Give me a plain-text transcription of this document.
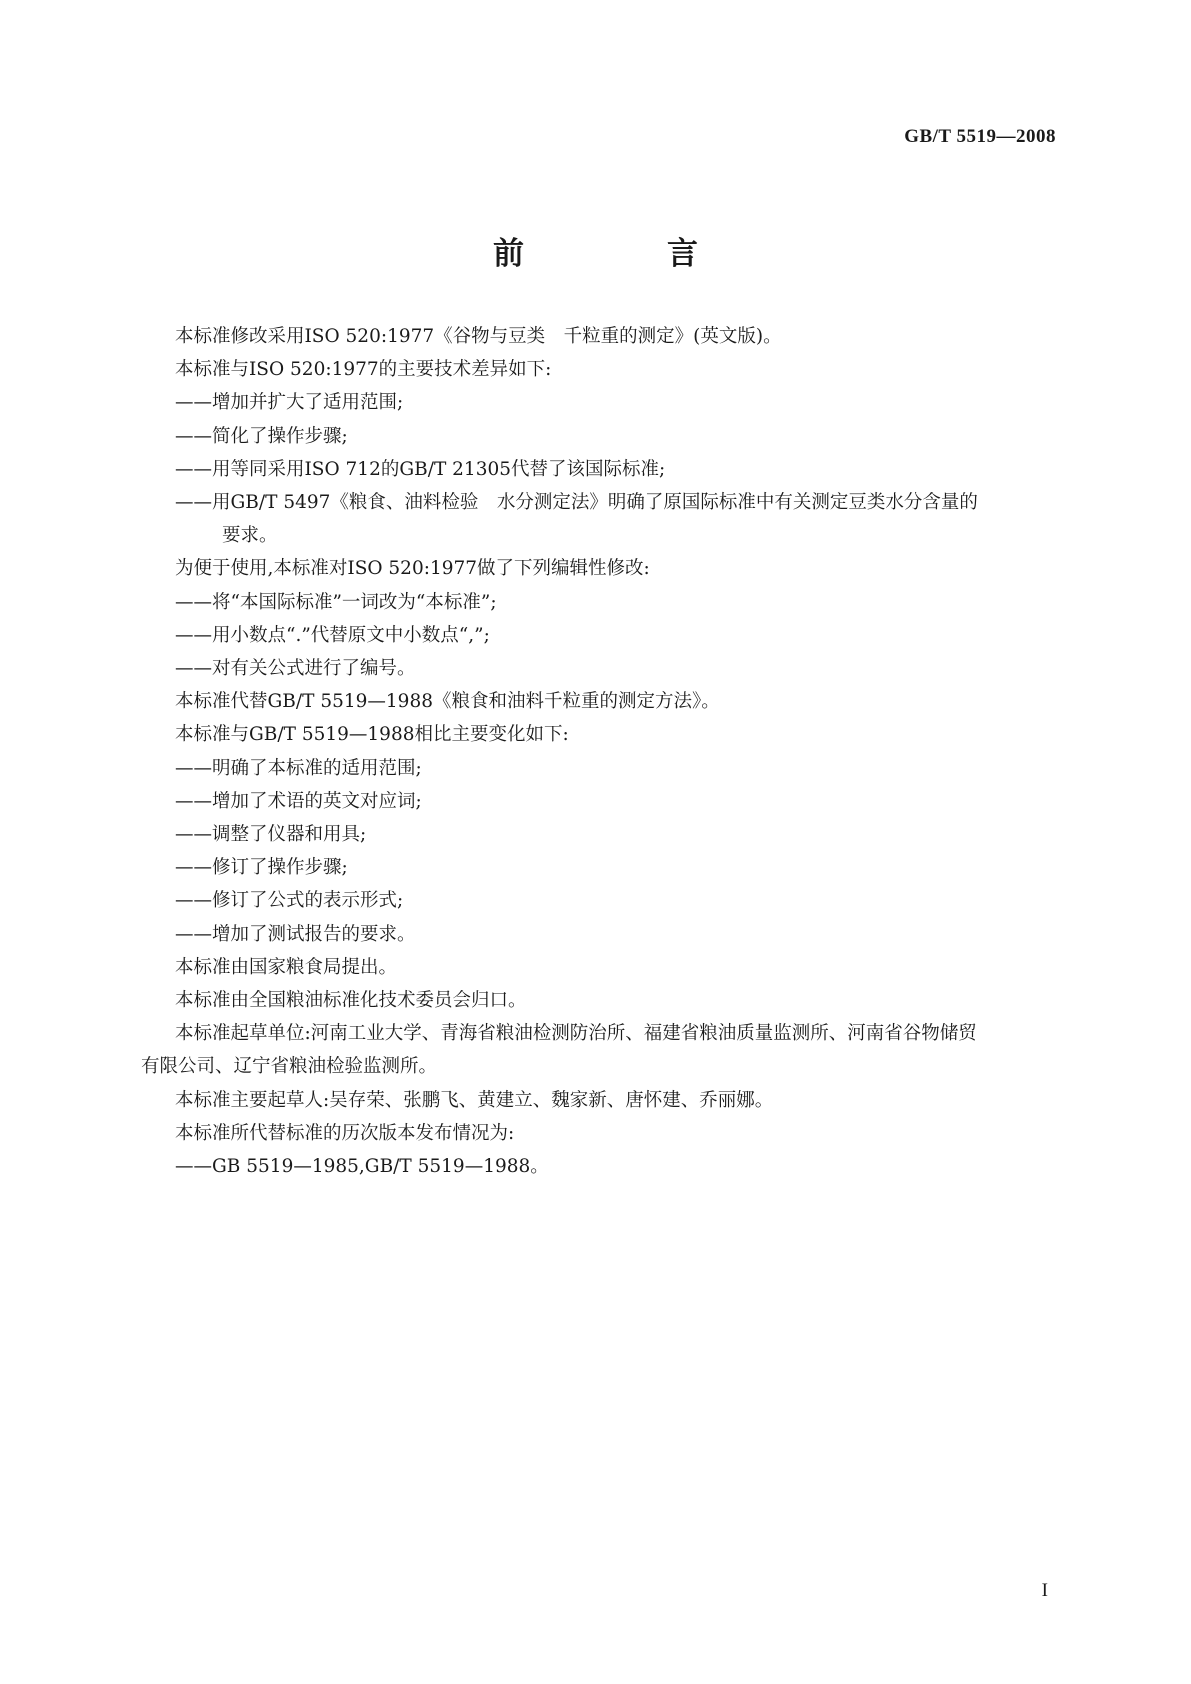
GB/T 5519—2008
前　言

本标准修改采用ISO 520:1977《谷物与豆类　千粒重的测定》(英文版)。

本标准与ISO 520:1977的主要技术差异如下:

——增加并扩大了适用范围;

——简化了操作步骤;

——用等同采用ISO 712的GB/T 21305代替了该国际标准;

——用GB/T 5497《粮食、油料检验　水分测定法》明确了原国际标准中有关测定豆类水分含量的

要求。

为便于使用,本标准对ISO 520:1977做了下列编辑性修改:

——将“本国际标准”一词改为“本标准”;

——用小数点“.”代替原文中小数点“,”;

——对有关公式进行了编号。

本标准代替GB/T 5519—1988《粮食和油料千粒重的测定方法》。

本标准与GB/T 5519—1988相比主要变化如下:

——明确了本标准的适用范围;

——增加了术语的英文对应词;

——调整了仪器和用具;

——修订了操作步骤;

——修订了公式的表示形式;

——增加了测试报告的要求。

本标准由国家粮食局提出。

本标准由全国粮油标准化技术委员会归口。

本标准起草单位:河南工业大学、青海省粮油检测防治所、福建省粮油质量监测所、河南省谷物储贸

有限公司、辽宁省粮油检验监测所。

本标准主要起草人:吴存荣、张鹏飞、黄建立、魏家新、唐怀建、乔丽娜。

本标准所代替标准的历次版本发布情况为:

——GB 5519—1985,GB/T 5519—1988。

I
